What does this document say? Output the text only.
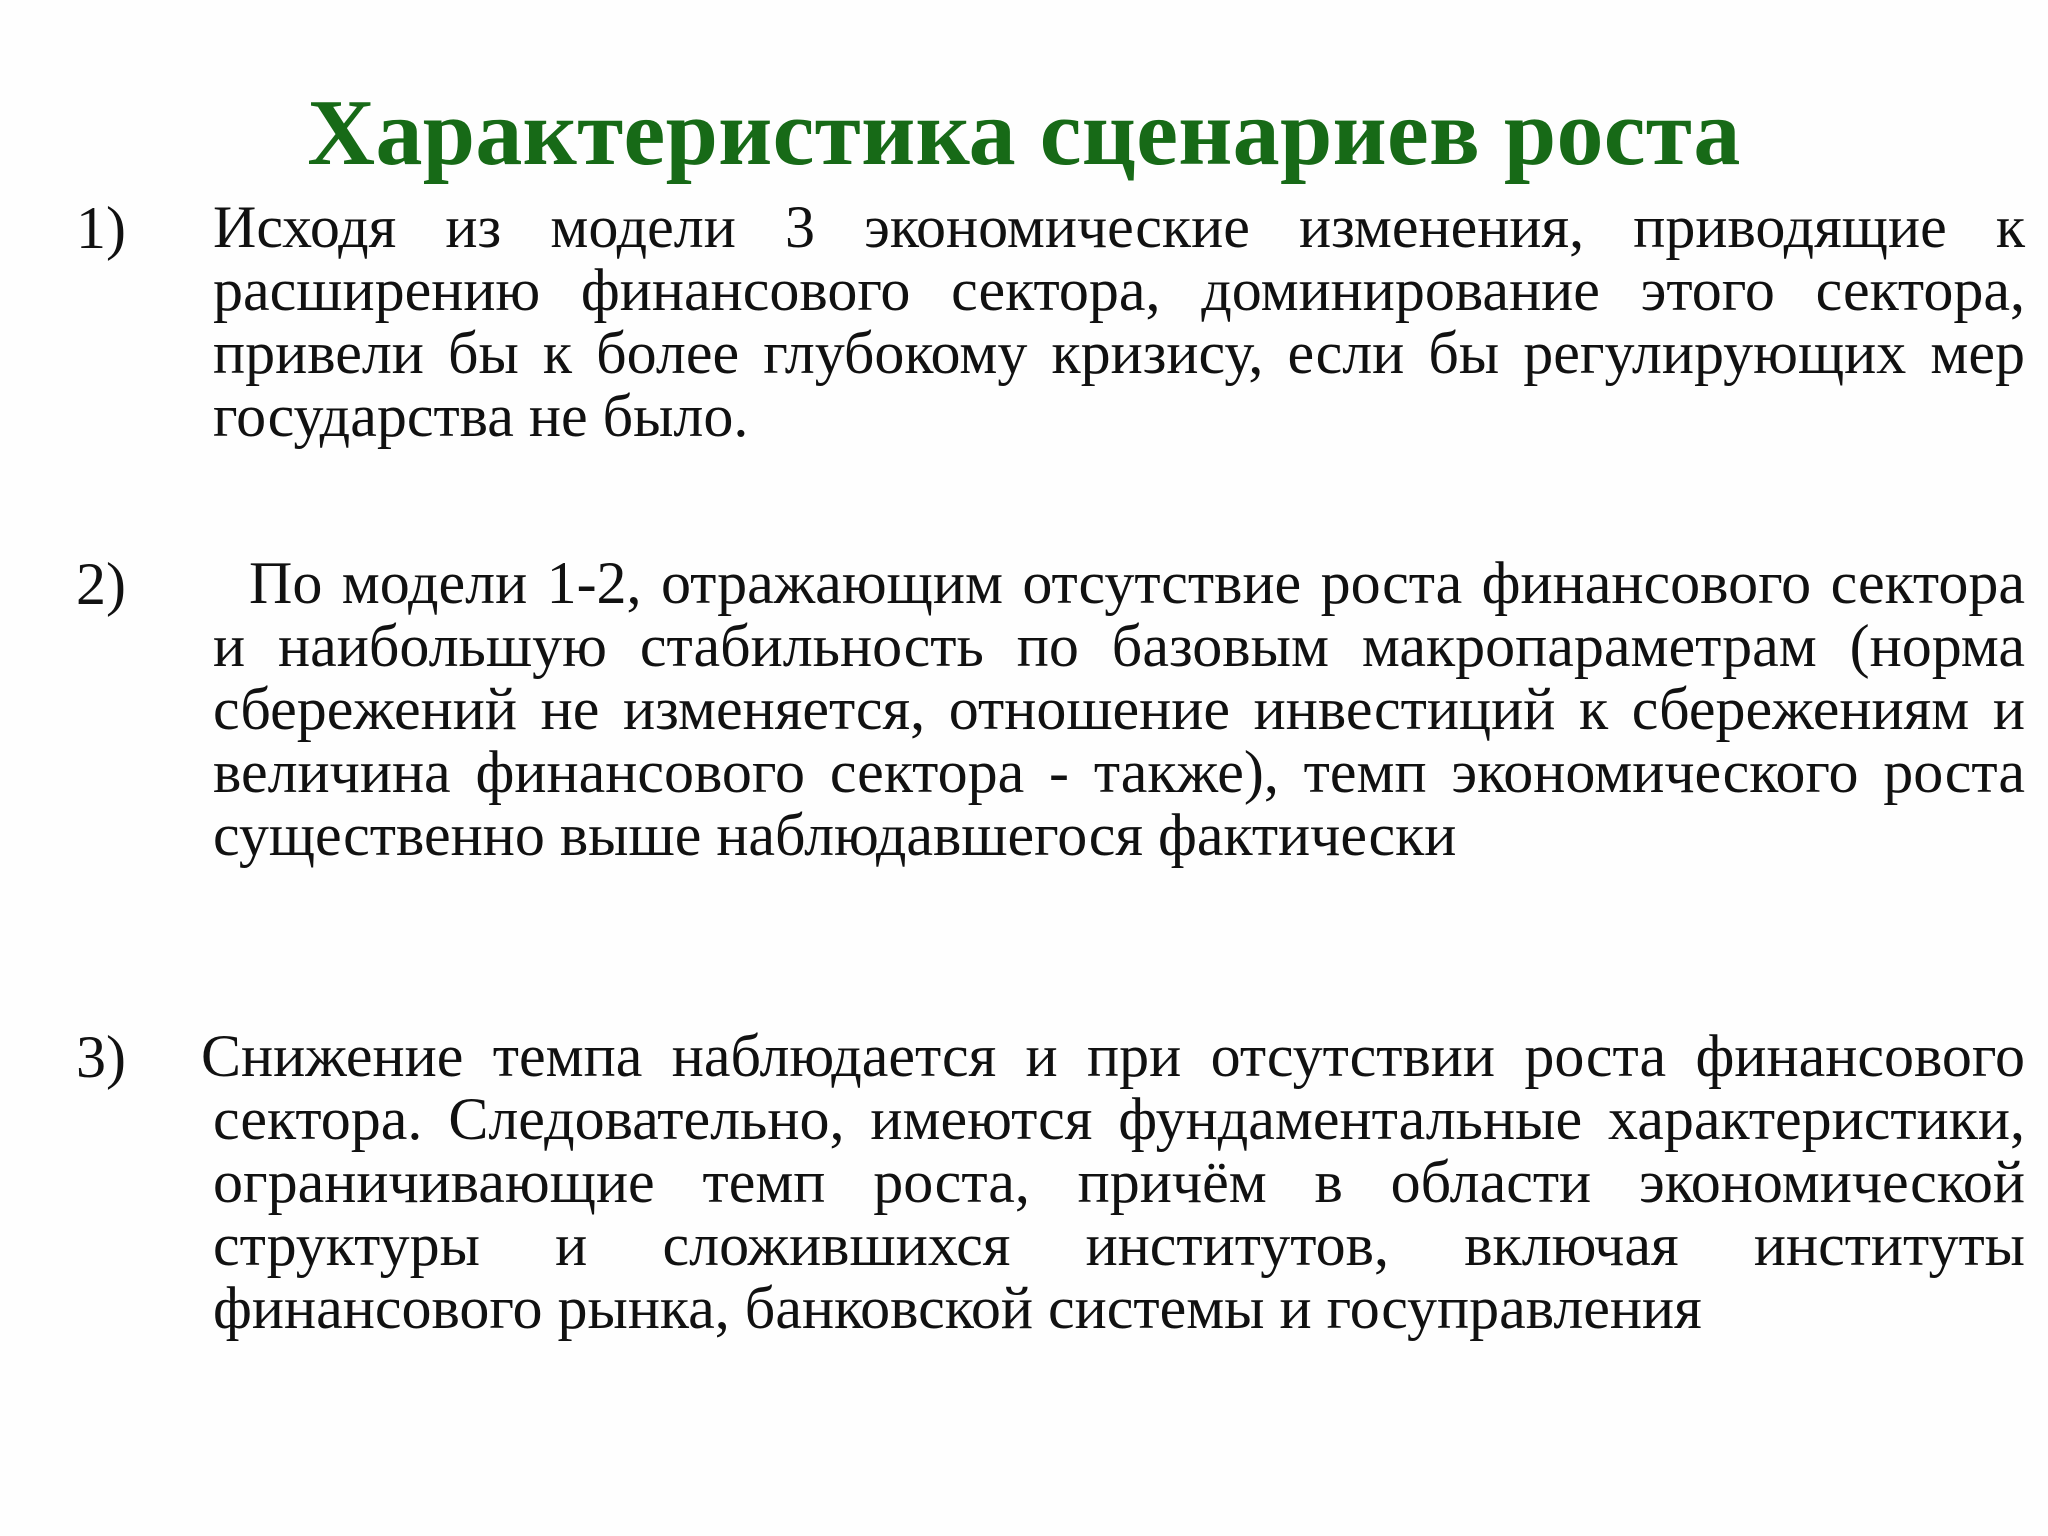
Характеристика сценариев роста
1) Исходя из модели 3 экономические изменения, приводящие к расширению финансового сектора, доминирование этого сектора, привели бы к более глубокому кризису, если бы регулирующих мер государства не было.
2)	По модели 1-2, отражающим отсутствие роста финансового сектора и наибольшую стабильность по базовым макропараметрам (норма сбережений не изменяется, отношение инвестиций к сбережениям и величина финансового сектора - также), темп экономического роста существенно выше наблюдавшегося фактически
3) Снижение темпа наблюдается и при отсутствии роста финансового сектора. Следовательно, имеются фундаментальные характеристики, ограничивающие темп роста, причём в области экономической структуры и сложившихся институтов, включая институты финансового рынка, банковской системы и госуправления
